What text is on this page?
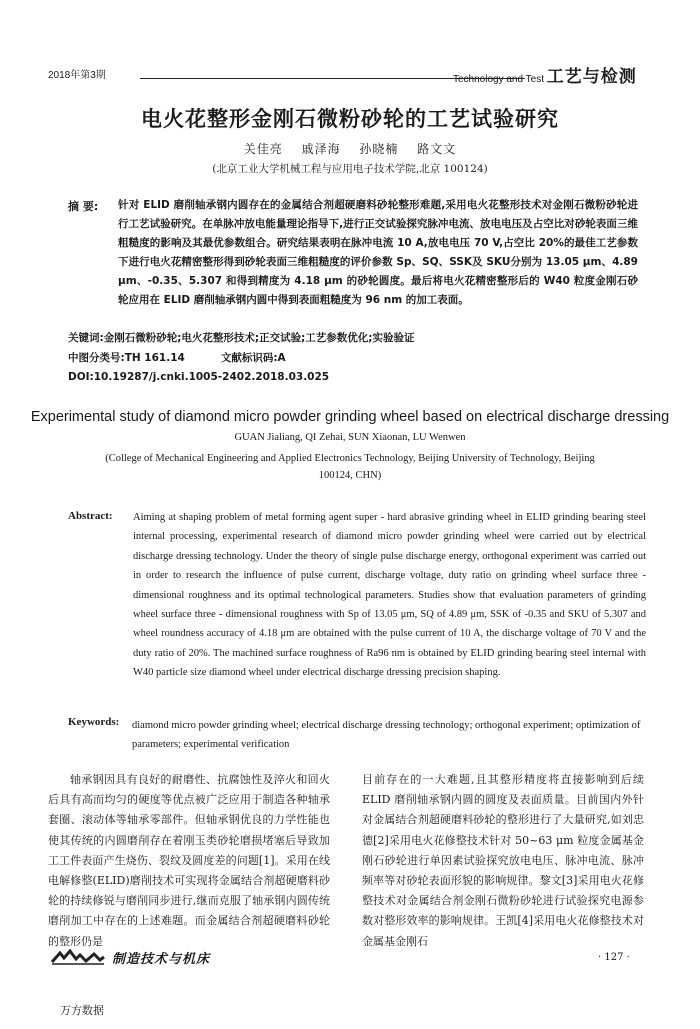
2018年第3期	Technology and Test 工艺与检测
电火花整形金刚石微粉砂轮的工艺试验研究
关佳亮 戚泽海 孙晓楠 路文文
(北京工业大学机械工程与应用电子技术学院,北京 100124)
摘 要: 针对 ELID 磨削轴承钢内圆存在的金属结合剂超硬磨料砂轮整形难题,采用电火花整形技术对金刚石微粉砂轮进行工艺试验研究。在单脉冲放电能量理论指导下,进行正交试验探究脉冲电流、放电电压及占空比对砂轮表面三维粗糙度的影响及其最优参数组合。研究结果表明在脉冲电流 10 A,放电电压 70 V,占空比 20%的最佳工艺参数下进行电火花精密整形得到砂轮表面三维粗糙度的评价参数 Sp、SQ、SSK及 SKU分别为 13.05 μm、4.89 μm、-0.35、5.307 和得到精度为 4.18 μm 的砂轮圆度。最后将电火花精密整形后的 W40 粒度金刚石砂轮应用在 ELID 磨削轴承钢内圆中得到表面粗糙度为 96 nm 的加工表面。
关键词:金刚石微粉砂轮;电火花整形技术;正交试验;工艺参数优化;实验验证
中图分类号:TH 161.14	文献标识码:A
DOI:10.19287/j.cnki.1005-2402.2018.03.025
Experimental study of diamond micro powder grinding wheel based on electrical discharge dressing
GUAN Jialiang, QI Zehai, SUN Xiaonan, LU Wenwen
(College of Mechanical Engineering and Applied Electronics Technology, Beijing University of Technology, Beijing 100124, CHN)
Abstract: Aiming at shaping problem of metal forming agent super - hard abrasive grinding wheel in ELID grinding bearing steel internal processing, experimental research of diamond micro powder grinding wheel were carried out by electrical discharge dressing technology. Under the theory of single pulse discharge energy, orthogonal experiment was carried out in order to research the influence of pulse current, discharge voltage, duty ratio on grinding wheel surface three - dimensional roughness and its optimal technological parameters. Studies show that evaluation parameters of grinding wheel surface three - dimensional roughness with Sp of 13.05 μm, SQ of 4.89 μm, SSK of -0.35 and SKU of 5.307 and wheel roundness accuracy of 4.18 μm are obtained with the pulse current of 10 A, the discharge voltage of 70 V and the duty ratio of 20%. The machined surface roughness of Ra96 nm is obtained by ELID grinding bearing steel internal with W40 particle size diamond wheel under electrical discharge dressing precision shaping.
Keywords: diamond micro powder grinding wheel; electrical discharge dressing technology; orthogonal experiment; optimization of parameters; experimental verification
轴承钢因具有良好的耐磨性、抗腐蚀性及淬火和回火后具有高而均匀的硬度等优点被广泛应用于制造各种轴承套圈、滚动体等轴承零部件。但轴承钢优良的力学性能也使其传统的内圆磨削存在着刚玉类砂轮磨损堵塞后导致加工工件表面产生烧伤、裂纹及圆度差的问题[1]。采用在线电解修整(ELID)磨削技术可实现将金属结合剂超硬磨料砂轮的持续修锐与磨削同步进行,继而克服了轴承钢内圆传统磨削加工中存在的上述难题。而金属结合剂超硬磨料砂轮的整形仍是
目前存在的一大难题,且其整形精度将直接影响到后续 ELID 磨削轴承钢内圆的圆度及表面质量。目前国内外针对金属结合剂超硬磨料砂轮的整形进行了大量研究,如刘忠德[2]采用电火花修整技术针对 50~63 μm 粒度金属基金刚石砂轮进行单因素试验探究放电电压、脉冲电流、脉冲频率等对砂轮表面形貌的影响规律。黎文[3]采用电火花修整技术对金属结合剂金刚石微粉砂轮进行试验探究电源参数对整形效率的影响规律。王凯[4]采用电火花修整技术对金属基金刚石
制造技术与机床	· 127 ·
万方数据
